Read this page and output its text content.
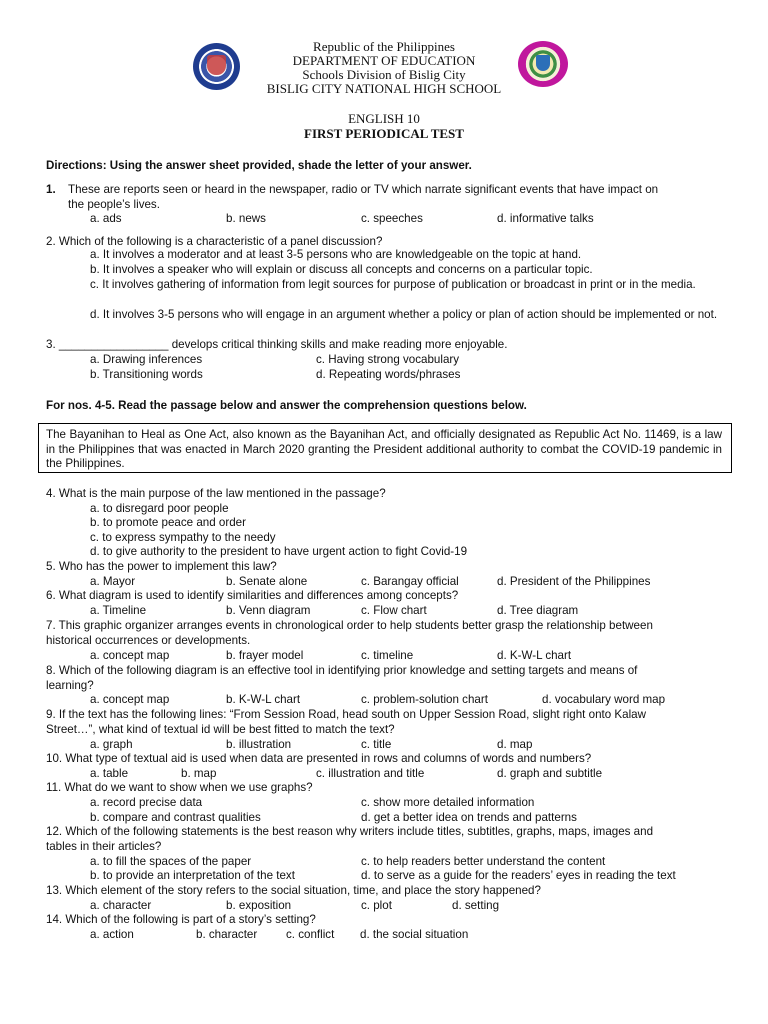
Republic of the Philippines
DEPARTMENT OF EDUCATION
Schools Division of Bislig City
BISLIG CITY NATIONAL HIGH SCHOOL
ENGLISH 10
FIRST PERIODICAL TEST
Directions: Using the answer sheet provided, shade the letter of your answer.
1. These are reports seen or heard in the newspaper, radio or TV which narrate significant events that have impact on
the people’s lives.
a. ads	b. news	c. speeches	d. informative talks
2. Which of the following is a characteristic of a panel discussion?
a. It involves a moderator and at least 3-5 persons who are knowledgeable on the topic at hand.
b. It involves a speaker who will explain or discuss all concepts and concerns on a particular topic.
c. It involves gathering of information from legit sources for purpose of publication or broadcast in print or in the media.
d. It involves 3-5 persons who will engage in an argument whether a policy or plan of action should be implemented or not.
3. _________________ develops critical thinking skills and make reading more enjoyable.
a. Drawing inferences	c. Having strong vocabulary
b. Transitioning words	d. Repeating words/phrases
For nos. 4-5. Read the passage below and answer the comprehension questions below.
The Bayanihan to Heal as One Act, also known as the Bayanihan Act, and officially designated as Republic Act No. 11469, is a law in the Philippines that was enacted in March 2020 granting the President additional authority to combat the COVID-19 pandemic in the Philippines.
4. What is the main purpose of the law mentioned in the passage?
a. to disregard poor people
b. to promote peace and order
c. to express sympathy to the needy
d. to give authority to the president to have urgent action to fight Covid-19
5. Who has the power to implement this law?
a. Mayor	b. Senate alone	c. Barangay official	d. President of the Philippines
6. What diagram is used to identify similarities and differences among concepts?
a. Timeline	b. Venn diagram	c. Flow chart	d. Tree diagram
7. This graphic organizer arranges events in chronological order to help students better grasp the relationship between
historical occurrences or developments.
a. concept map	b. frayer model	c. timeline	d. K-W-L chart
8. Which of the following diagram is an effective tool in identifying prior knowledge and setting targets and means of
learning?
a. concept map	b. K-W-L chart	c. problem-solution chart	d. vocabulary word map
9. If the text has the following lines: “From Session Road, head south on Upper Session Road, slight right onto Kalaw
Street…”, what kind of textual id will be best fitted to match the text?
a. graph	b. illustration	c. title	d. map
10. What type of textual aid is used when data are presented in rows and columns of words and numbers?
a. table	b. map	c. illustration and title	d. graph and subtitle
11. What do we want to show when we use graphs?
a. record precise data	c. show more detailed information
b. compare and contrast qualities	d. get a better idea on trends and patterns
12. Which of the following statements is the best reason why writers include titles, subtitles, graphs, maps, images and
tables in their articles?
a. to fill the spaces of the paper	c. to help readers better understand the content
b. to provide an interpretation of the text	d. to serve as a guide for the readers’ eyes in reading the text
13. Which element of the story refers to the social situation, time, and place the story happened?
a. character	b. exposition	c. plot	d. setting
14. Which of the following is part of a story’s setting?
a. action	b. character c. conflict d. the social situation
